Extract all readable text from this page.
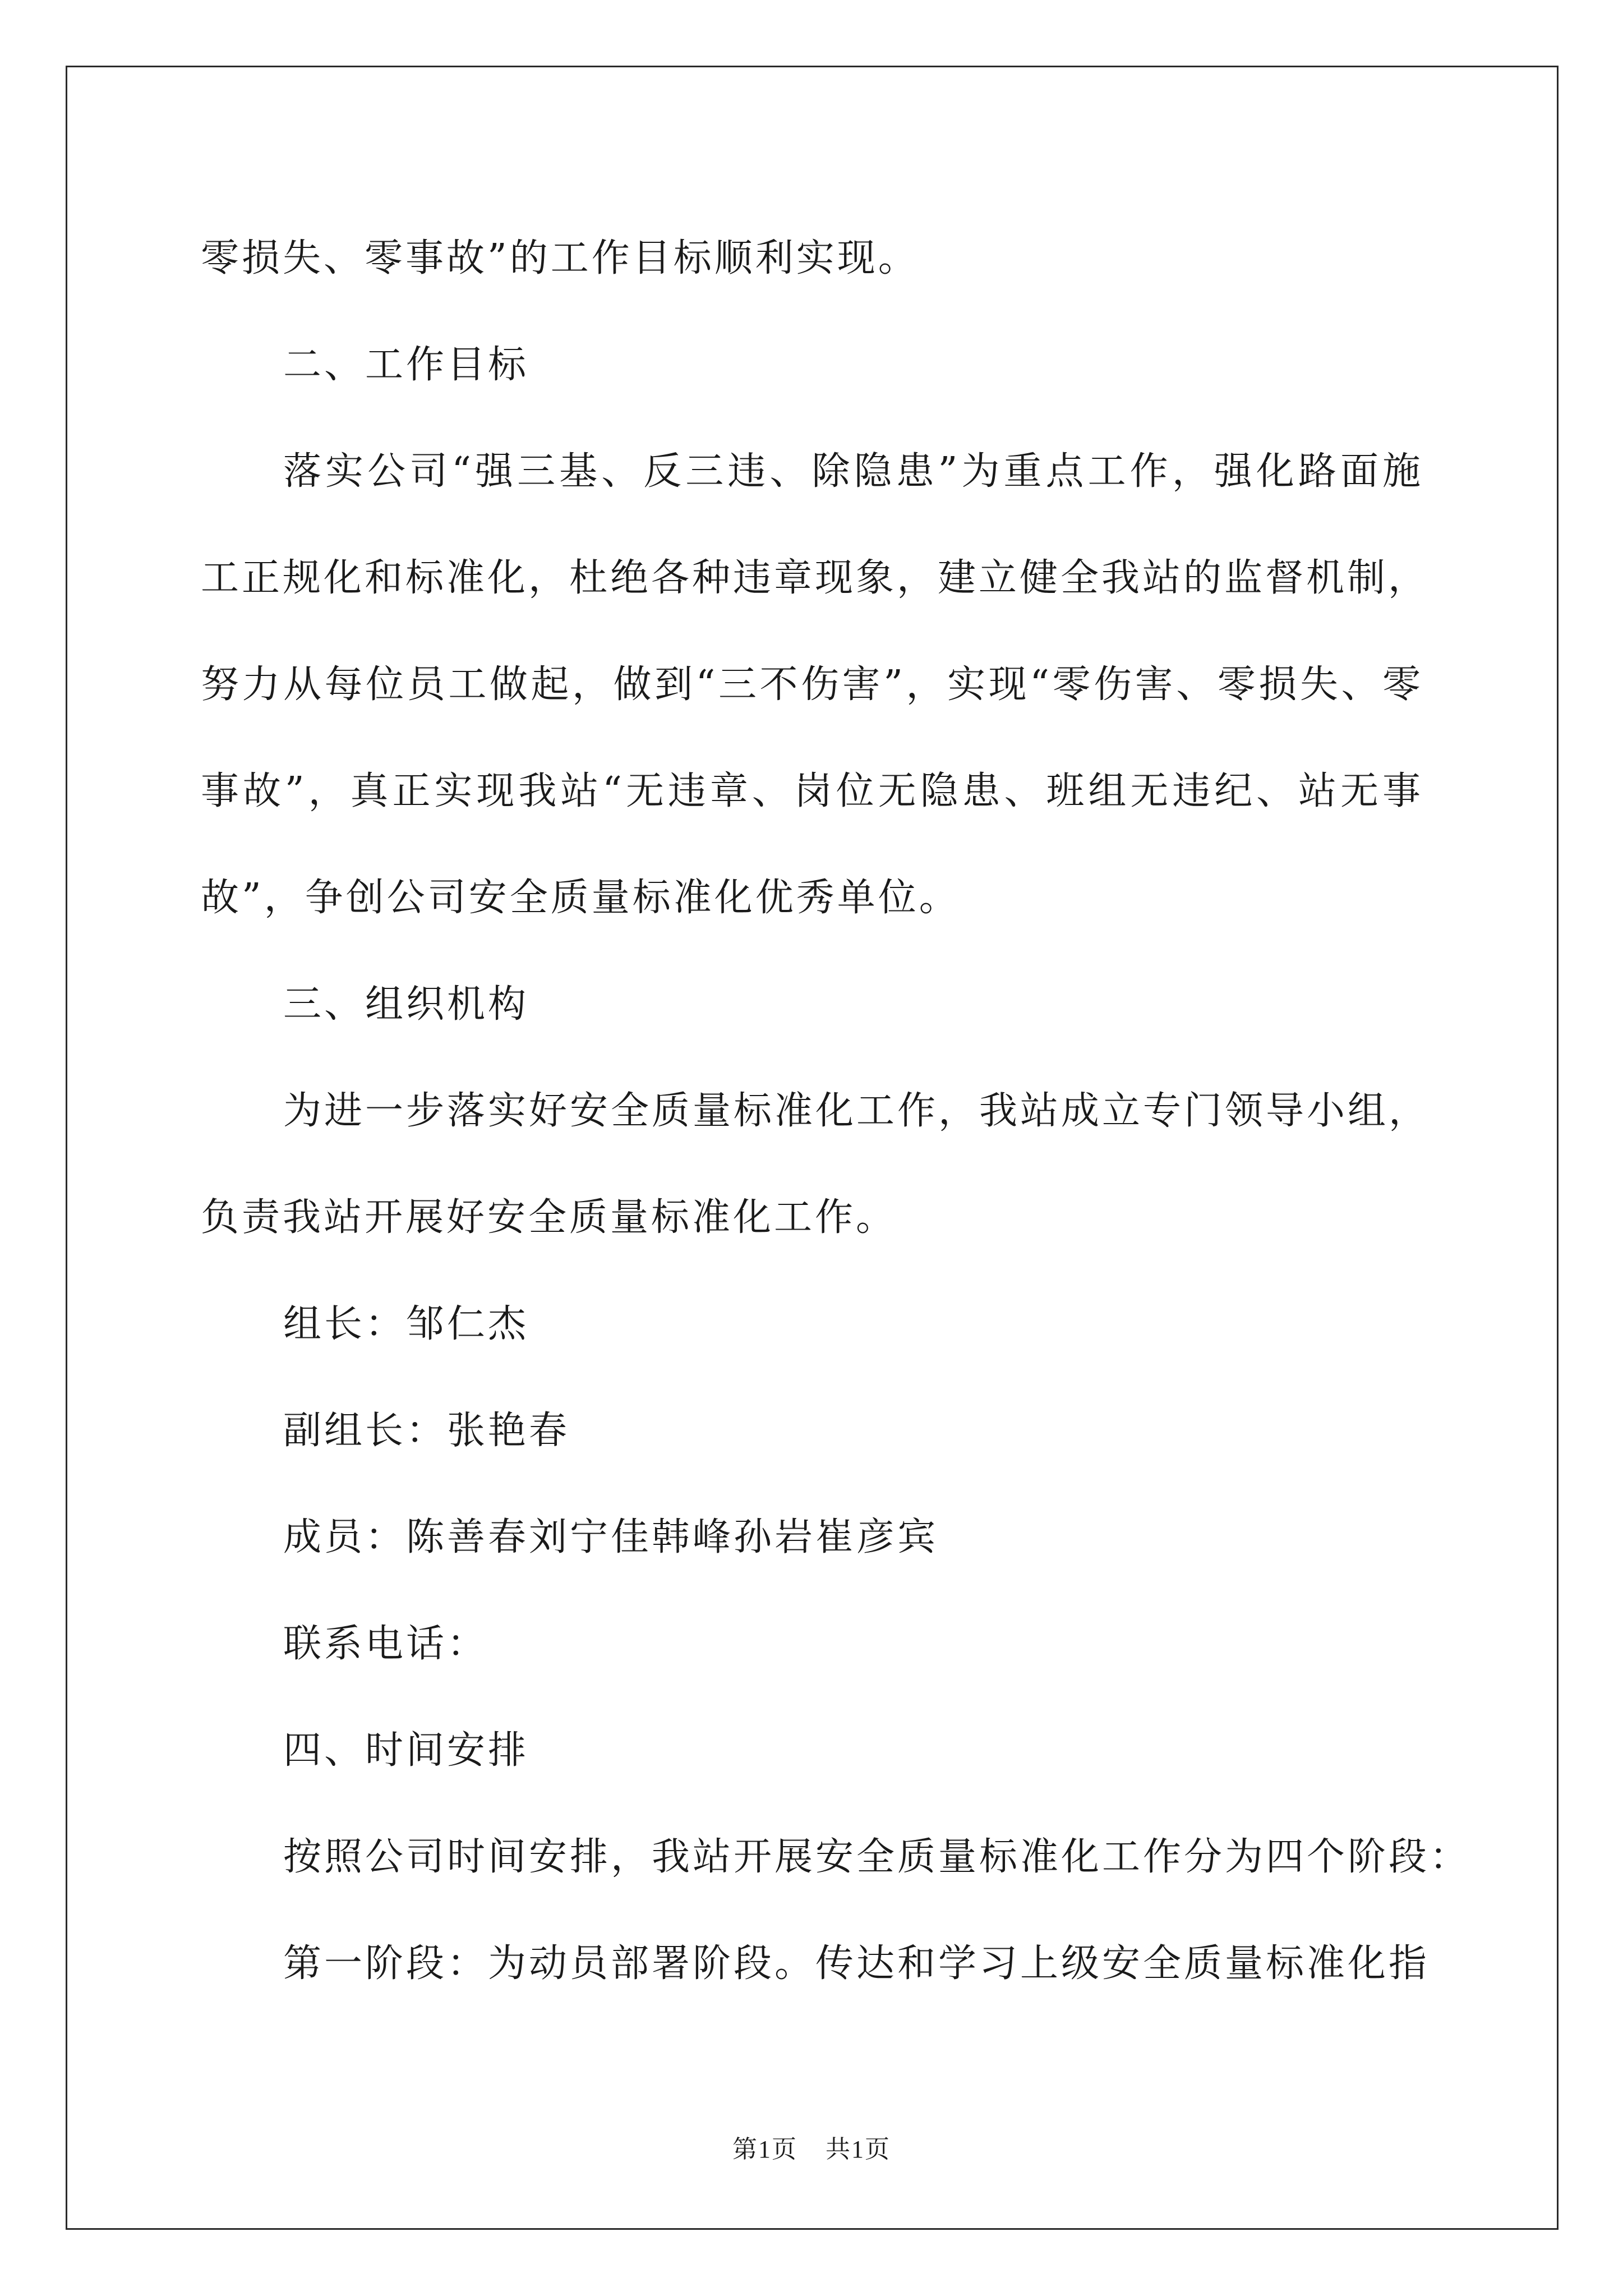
零损失、零事故”的工作目标顺利实现。
二、工作目标
落实公司“强三基、反三违、除隐患”为重点工作，强化路面施
工正规化和标准化，杜绝各种违章现象，建立健全我站的监督机制，
努力从每位员工做起，做到“三不伤害”，实现“零伤害、零损失、零
事故”，真正实现我站“无违章、岗位无隐患、班组无违纪、站无事
故”，争创公司安全质量标准化优秀单位。
三、组织机构
为进一步落实好安全质量标准化工作，我站成立专门领导小组，
负责我站开展好安全质量标准化工作。
组长：邹仁杰
副组长：张艳春
成员：陈善春刘宁佳韩峰孙岩崔彦宾
联系电话：
四、时间安排
按照公司时间安排，我站开展安全质量标准化工作分为四个阶段：
第一阶段：为动员部署阶段。传达和学习上级安全质量标准化指
第1页 共1页
